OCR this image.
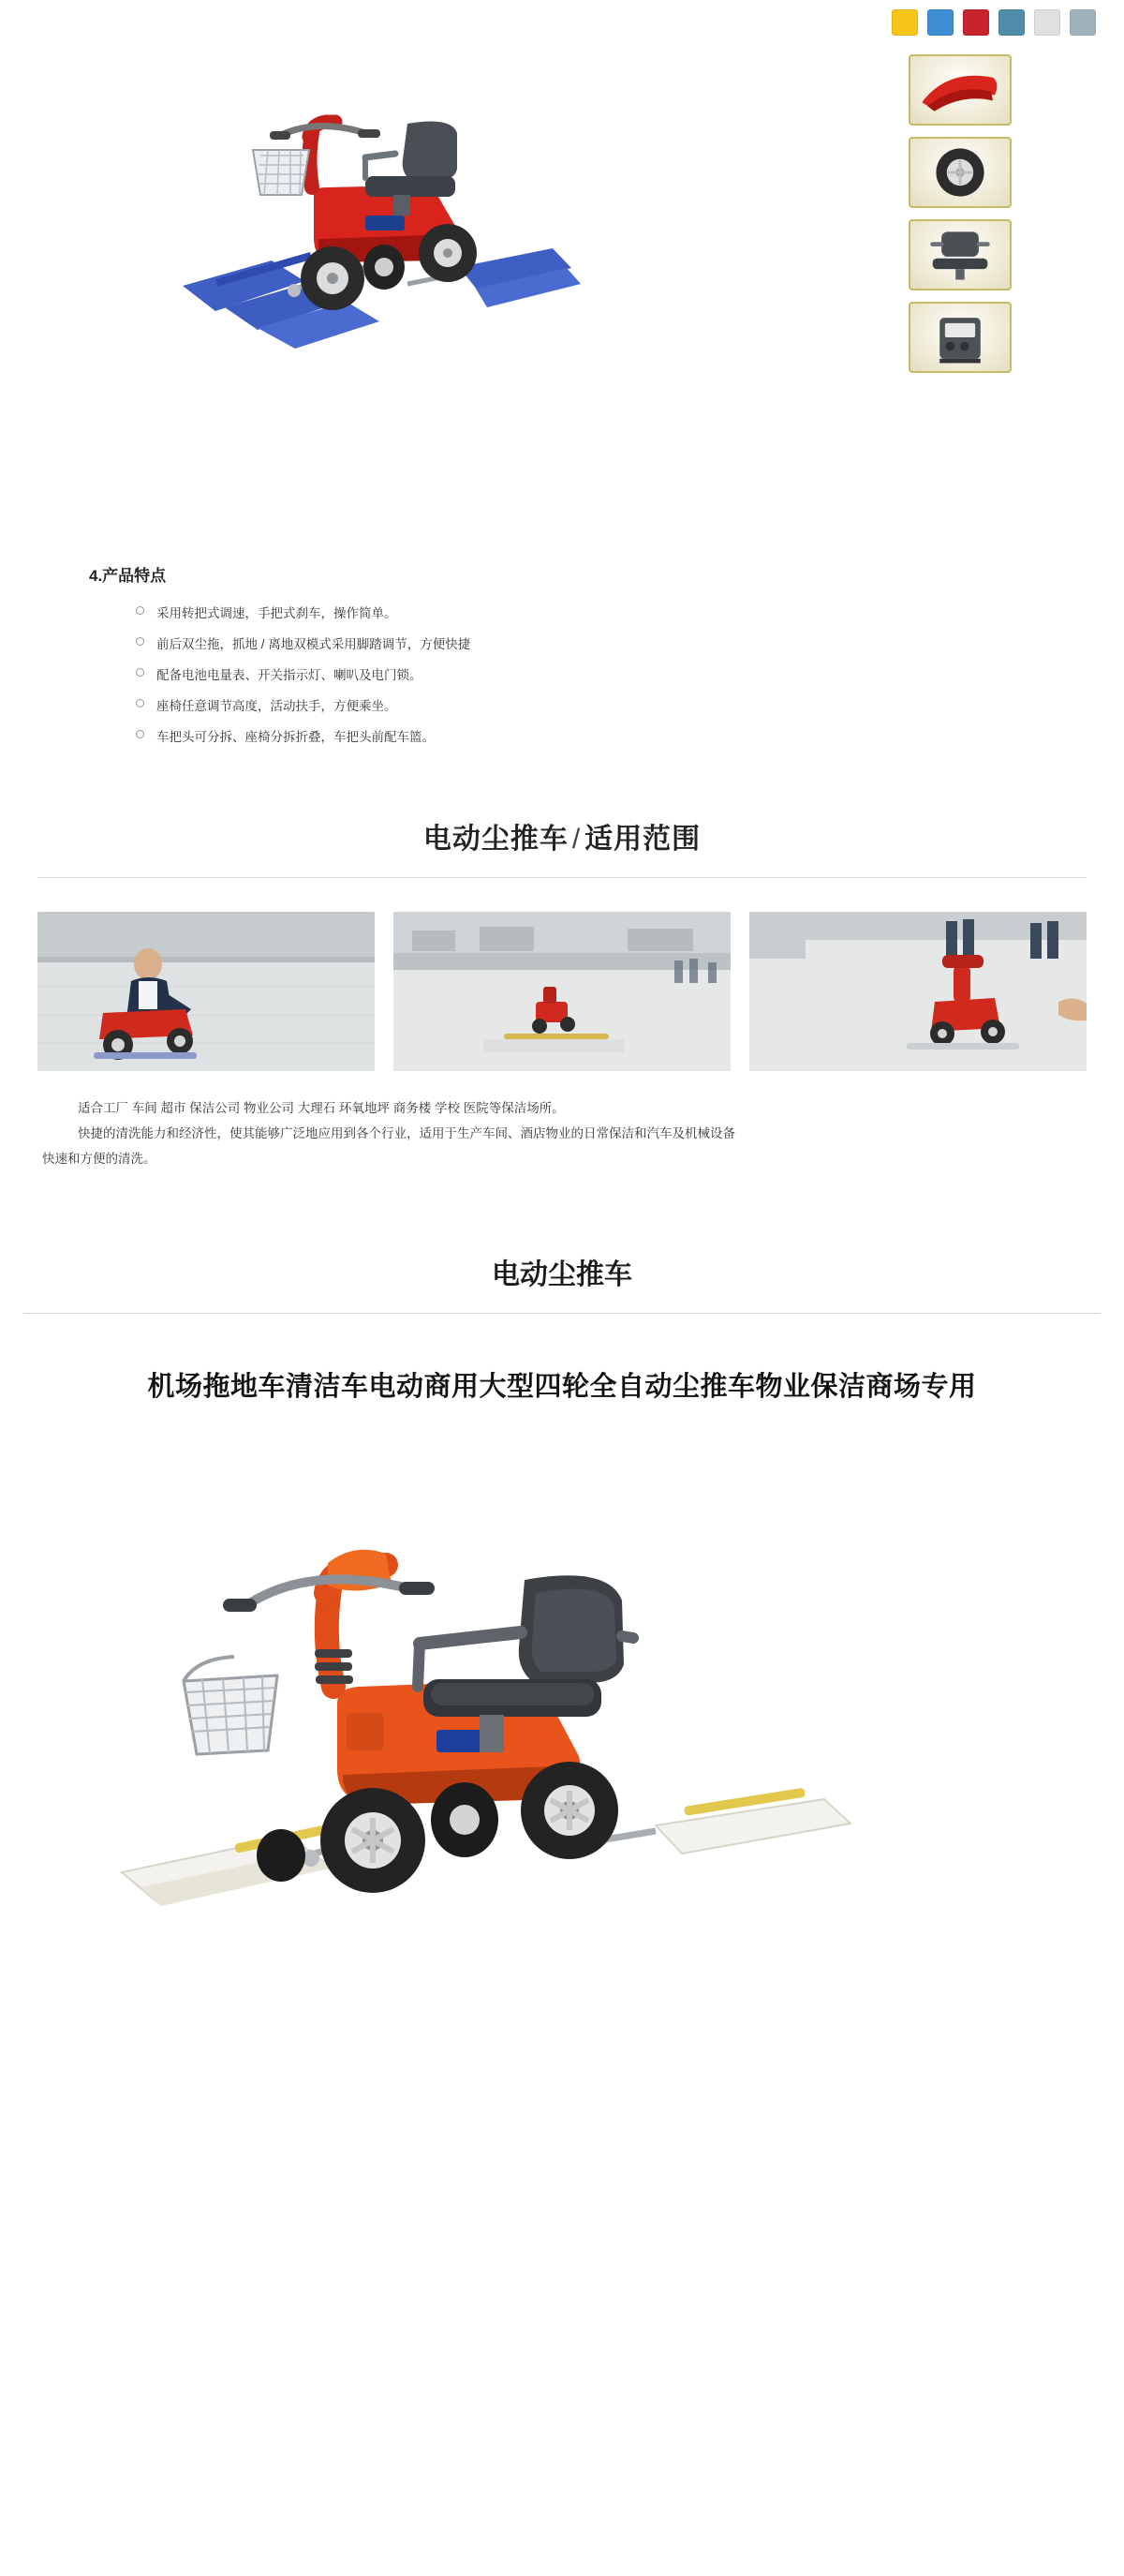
4.产品特点
采用转把式调速，手把式刹车，操作简单。
前后双尘拖，抓地 / 离地双模式采用脚踏调节，方便快捷
配备电池电量表、开关指示灯、喇叭及电门锁。
座椅任意调节高度，活动扶手，方便乘坐。
车把头可分拆、座椅分拆折叠，车把头前配车篮。
电动尘推车 / 适用范围
适合工厂 车间 超市 保洁公司 物业公司 大理石 环氧地坪 商务楼 学校 医院等保洁场所。
快捷的清洗能力和经济性，使其能够广泛地应用到各个行业，适用于生产车间、酒店物业的日常保洁和汽车及机械设备
快速和方便的清洗。
电动尘推车
机场拖地车清洁车电动商用大型四轮全自动尘推车物业保洁商场专用
